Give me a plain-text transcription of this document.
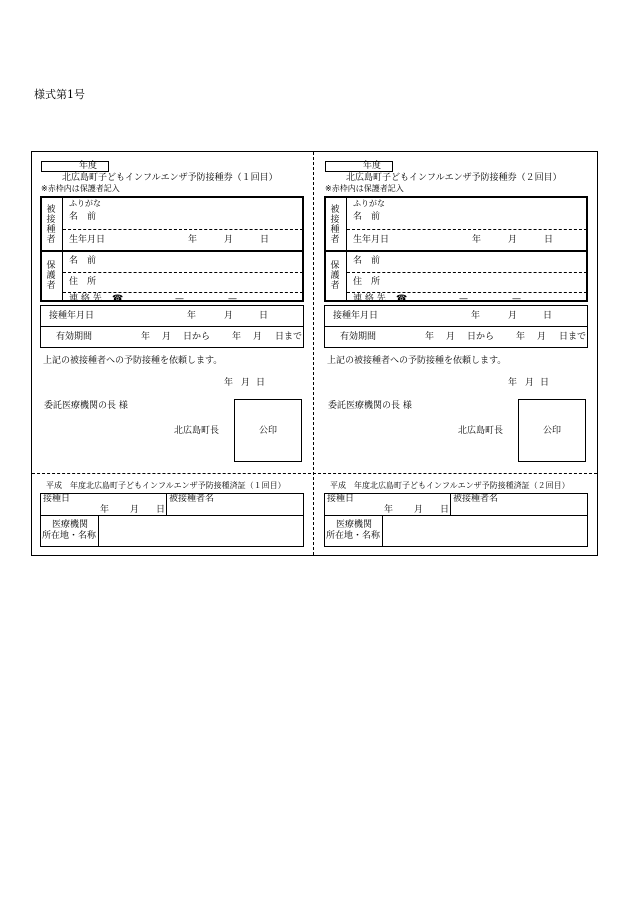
様式第1号
年度
北広島町子どもインフルエンザ予防接種券（１回目）
※赤枠内は保護者記入
被接種者
保護者
ふりがな
名　前
生年月日	年	月	日
名　前
住　所
連 絡 先 ☎	—	—
接種年月日	年	月	日
有効期間	年 月 日から 年 月 日まで
上記の被接種者への予防接種を依頼します。
年 月 日
委託医療機関の長 様
北広島町長	公印
平成　年度北広島町子どもインフルエンザ予防接種済証（１回目）
接種日
年 月 日
被接種者名
医療機関
所在地・名称
年度
北広島町子どもインフルエンザ予防接種券（２回目）
※赤枠内は保護者記入
被接種者
保護者
ふりがな
名　前
生年月日	年	月	日
名　前
住　所
連 絡 先 ☎	—	—
接種年月日	年	月	日
有効期間	年 月 日から 年 月 日まで
上記の被接種者への予防接種を依頼します。
年 月 日
委託医療機関の長 様
北広島町長	公印
平成　年度北広島町子どもインフルエンザ予防接種済証（２回目）
接種日
年 月 日
被接種者名
医療機関
所在地・名称
